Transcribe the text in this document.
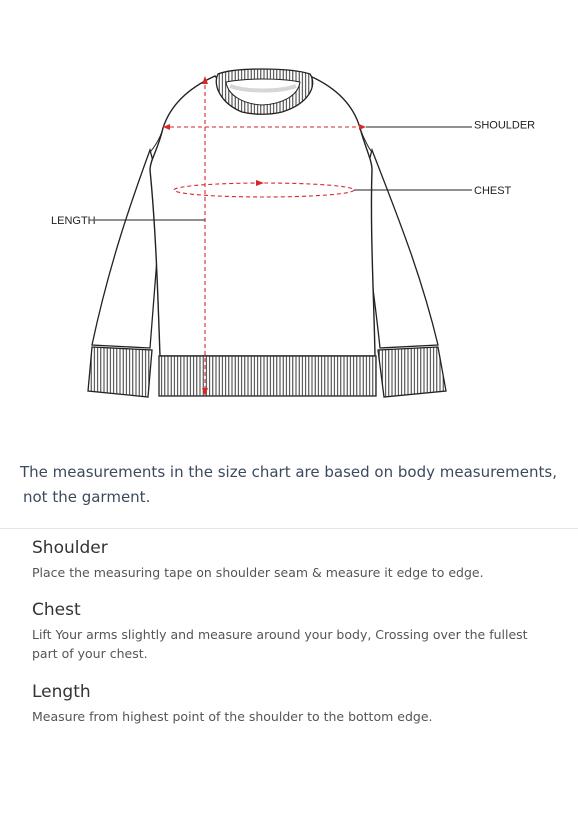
SHOULDER
CHEST
LENGTH
The measurements in the size chart are based on body measurements,
not the garment.
Shoulder

Place the measuring tape on shoulder seam & measure it edge to edge.

Chest

Lift Your arms slightly and measure around your body, Crossing over the fullest
part of your chest.

Length

Measure from highest point of the shoulder to the bottom edge.
